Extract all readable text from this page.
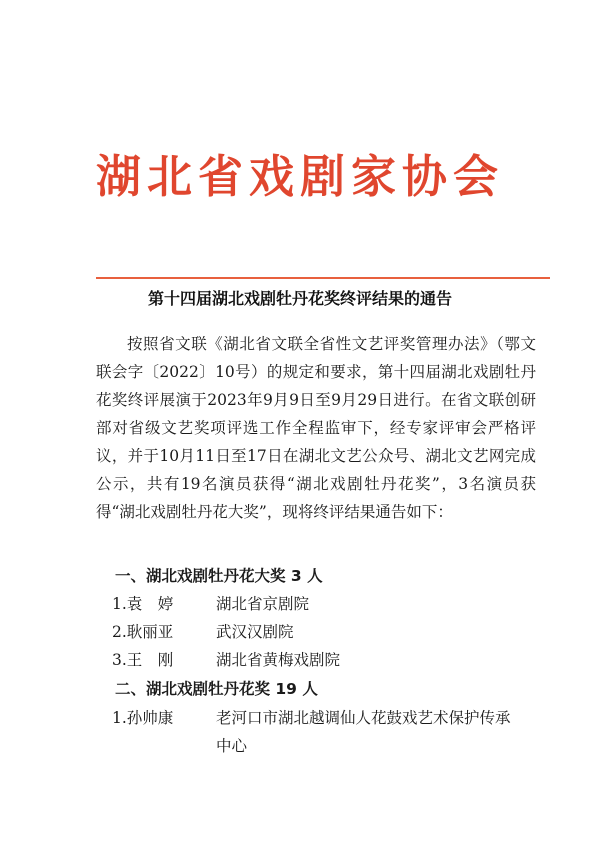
湖北省戏剧家协会
第十四届湖北戏剧牡丹花奖终评结果的通告

按照省文联《湖北省文联全省性文艺评奖管理办法》（鄂文联会字〔2022〕10号）的规定和要求，第十四届湖北戏剧牡丹花奖终评展演于2023年9月9日至9月29日进行。在省文联创研部对省级文艺奖项评选工作全程监审下，经专家评审会严格评议，并于10月11日至17日在湖北文艺公众号、湖北文艺网完成公示，共有19名演员获得“湖北戏剧牡丹花奖”，3名演员获得“湖北戏剧牡丹花大奖”，现将终评结果通告如下：

一、湖北戏剧牡丹花大奖 3 人
1.袁　婷	湖北省京剧院
2.耿丽亚	武汉汉剧院
3.王　刚	湖北省黄梅戏剧院
二、湖北戏剧牡丹花奖 19 人
1.孙帅康	老河口市湖北越调仙人花鼓戏艺术保护传承
中心
